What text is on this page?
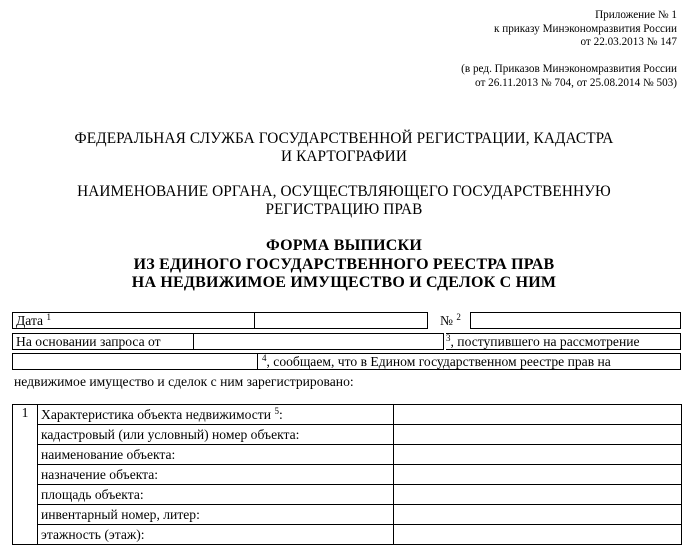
Приложение № 1
к приказу Минэкономразвития России
от 22.03.2013 № 147
(в ред. Приказов Минэкономразвития России
от 26.11.2013 № 704, от 25.08.2014 № 503)
ФЕДЕРАЛЬНАЯ СЛУЖБА ГОСУДАРСТВЕННОЙ РЕГИСТРАЦИИ, КАДАСТРА
И КАРТОГРАФИИ
НАИМЕНОВАНИЕ ОРГАНА, ОСУЩЕСТВЛЯЮЩЕГО ГОСУДАРСТВЕННУЮ
РЕГИСТРАЦИЮ ПРАВ
ФОРМА ВЫПИСКИ
ИЗ ЕДИНОГО ГОСУДАРСТВЕННОГО РЕЕСТРА ПРАВ
НА НЕДВИЖИМОЕ ИМУЩЕСТВО И СДЕЛОК С НИМ
Дата $^1$	№ $^2$
На основании запроса от	$^3$, поступившего на рассмотрение
$^4$, сообщаем, что в Едином государственном реестре прав на
недвижимое имущество и сделок с ним зарегистрировано:
1	Характеристика объекта недвижимости $^5$:	
	кадастровый (или условный) номер объекта:	
	наименование объекта:	
	назначение объекта:	
	площадь объекта:	
	инвентарный номер, литер:	
	этажность (этаж):	
